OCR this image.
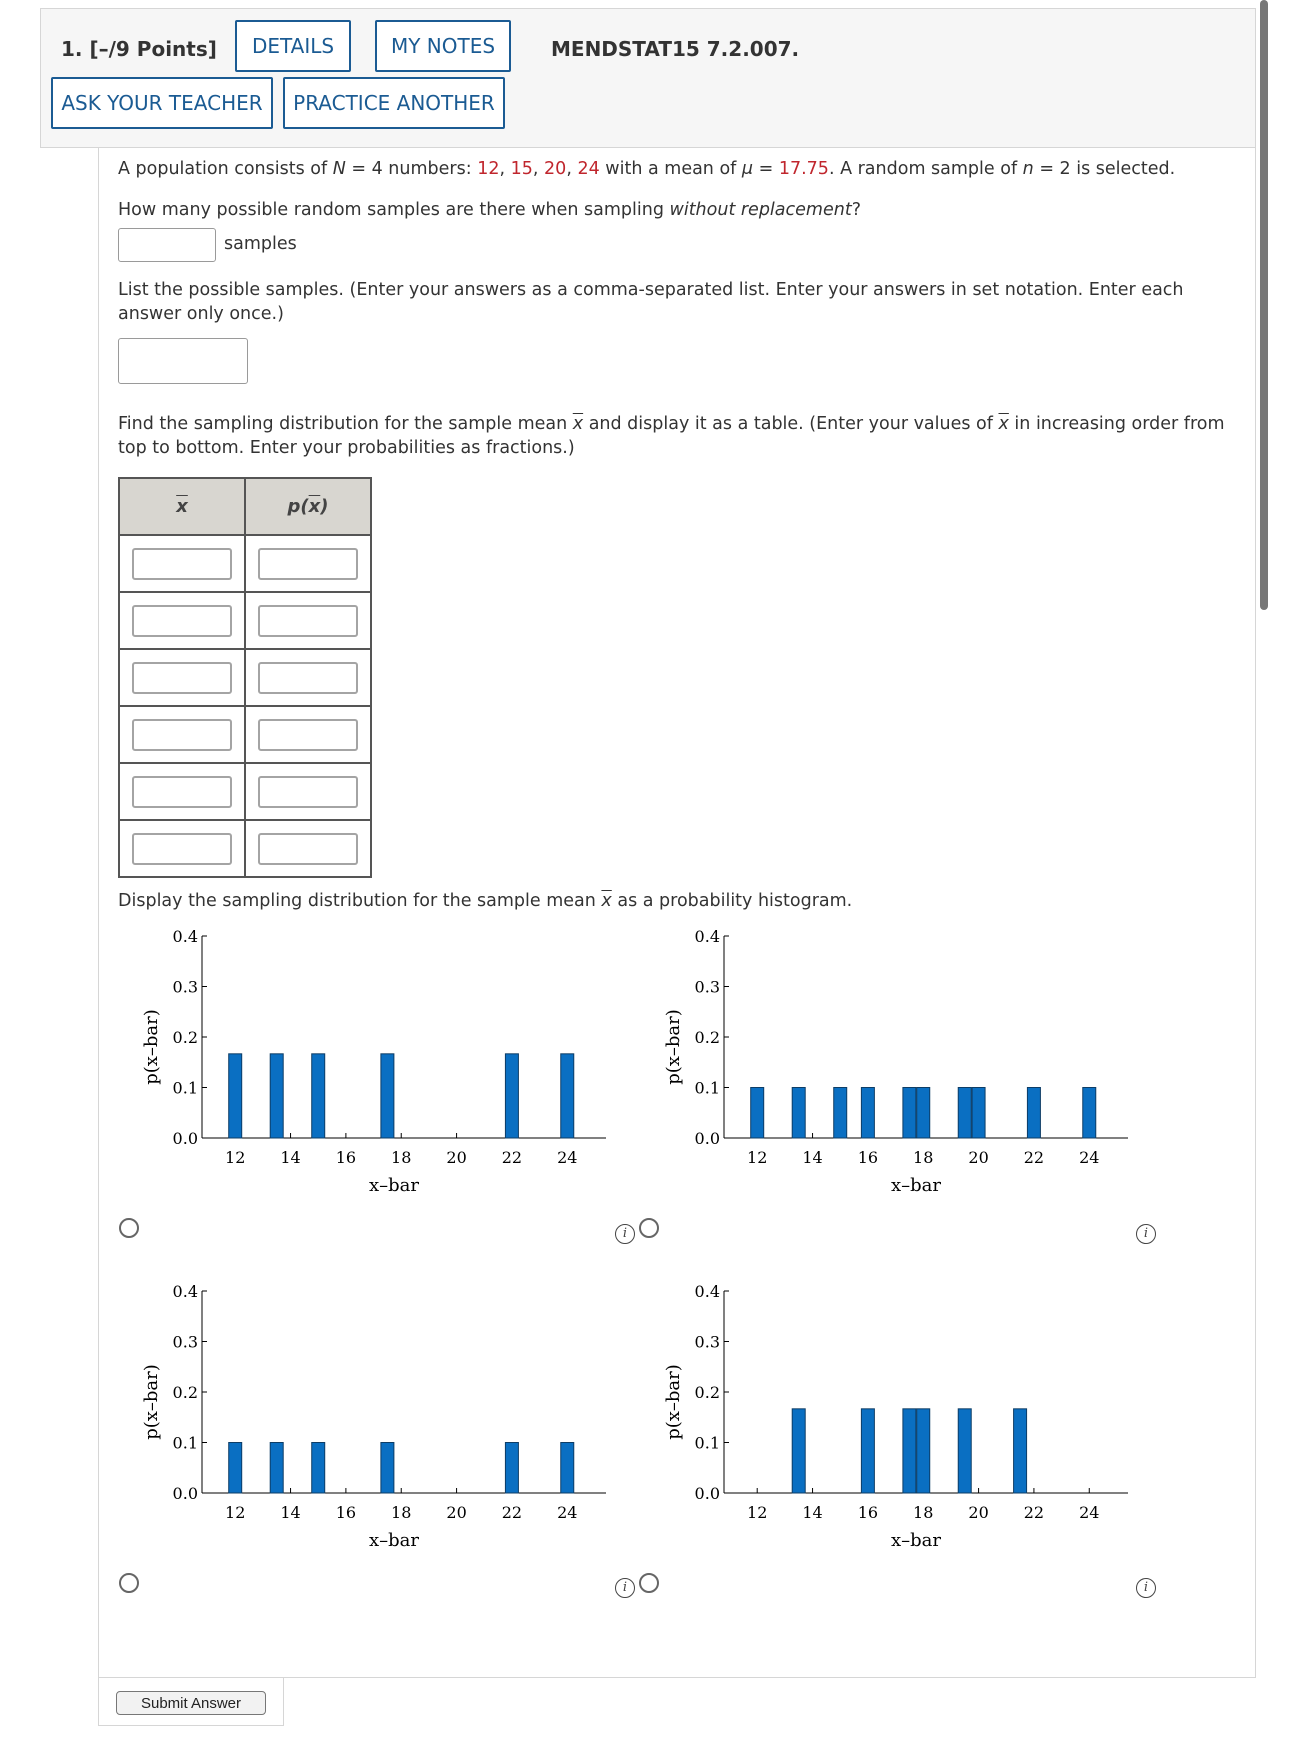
1. [–/9 Points]	DETAILS	MY NOTES	MENDSTAT15 7.2.007.
ASK YOUR TEACHER	PRACTICE ANOTHER
A population consists of N = 4 numbers: 12, 15, 20, 24 with a mean of μ = 17.75. A random sample of n = 2 is selected.
How many possible random samples are there when sampling without replacement?
samples
List the possible samples. (Enter your answers as a comma-separated list. Enter your answers in set notation. Enter each answer only once.)
Find the sampling distribution for the sample mean $\overline{x}$ and display it as a table. (Enter your values of $\overline{x}$ in increasing order from top to bottom. Enter your probabilities as fractions.)
$\overline{x}$	$p(\overline{x})$

Display the sampling distribution for the sample mean $\overline{x}$ as a probability histogram.
0.0
0.1
0.2
0.3
0.4
12 14 16 18 20 22 24
x–bar
p(x–bar)
i
0.0
0.1
0.2
0.3
0.4
12 14 16 18 20 22 24
x–bar
p(x–bar)
i
0.0
0.1
0.2
0.3
0.4
12 14 16 18 20 22 24
x–bar
p(x–bar)
i
0.0
0.1
0.2
0.3
0.4
12 14 16 18 20 22 24
x–bar
p(x–bar)
i
Submit Answer
